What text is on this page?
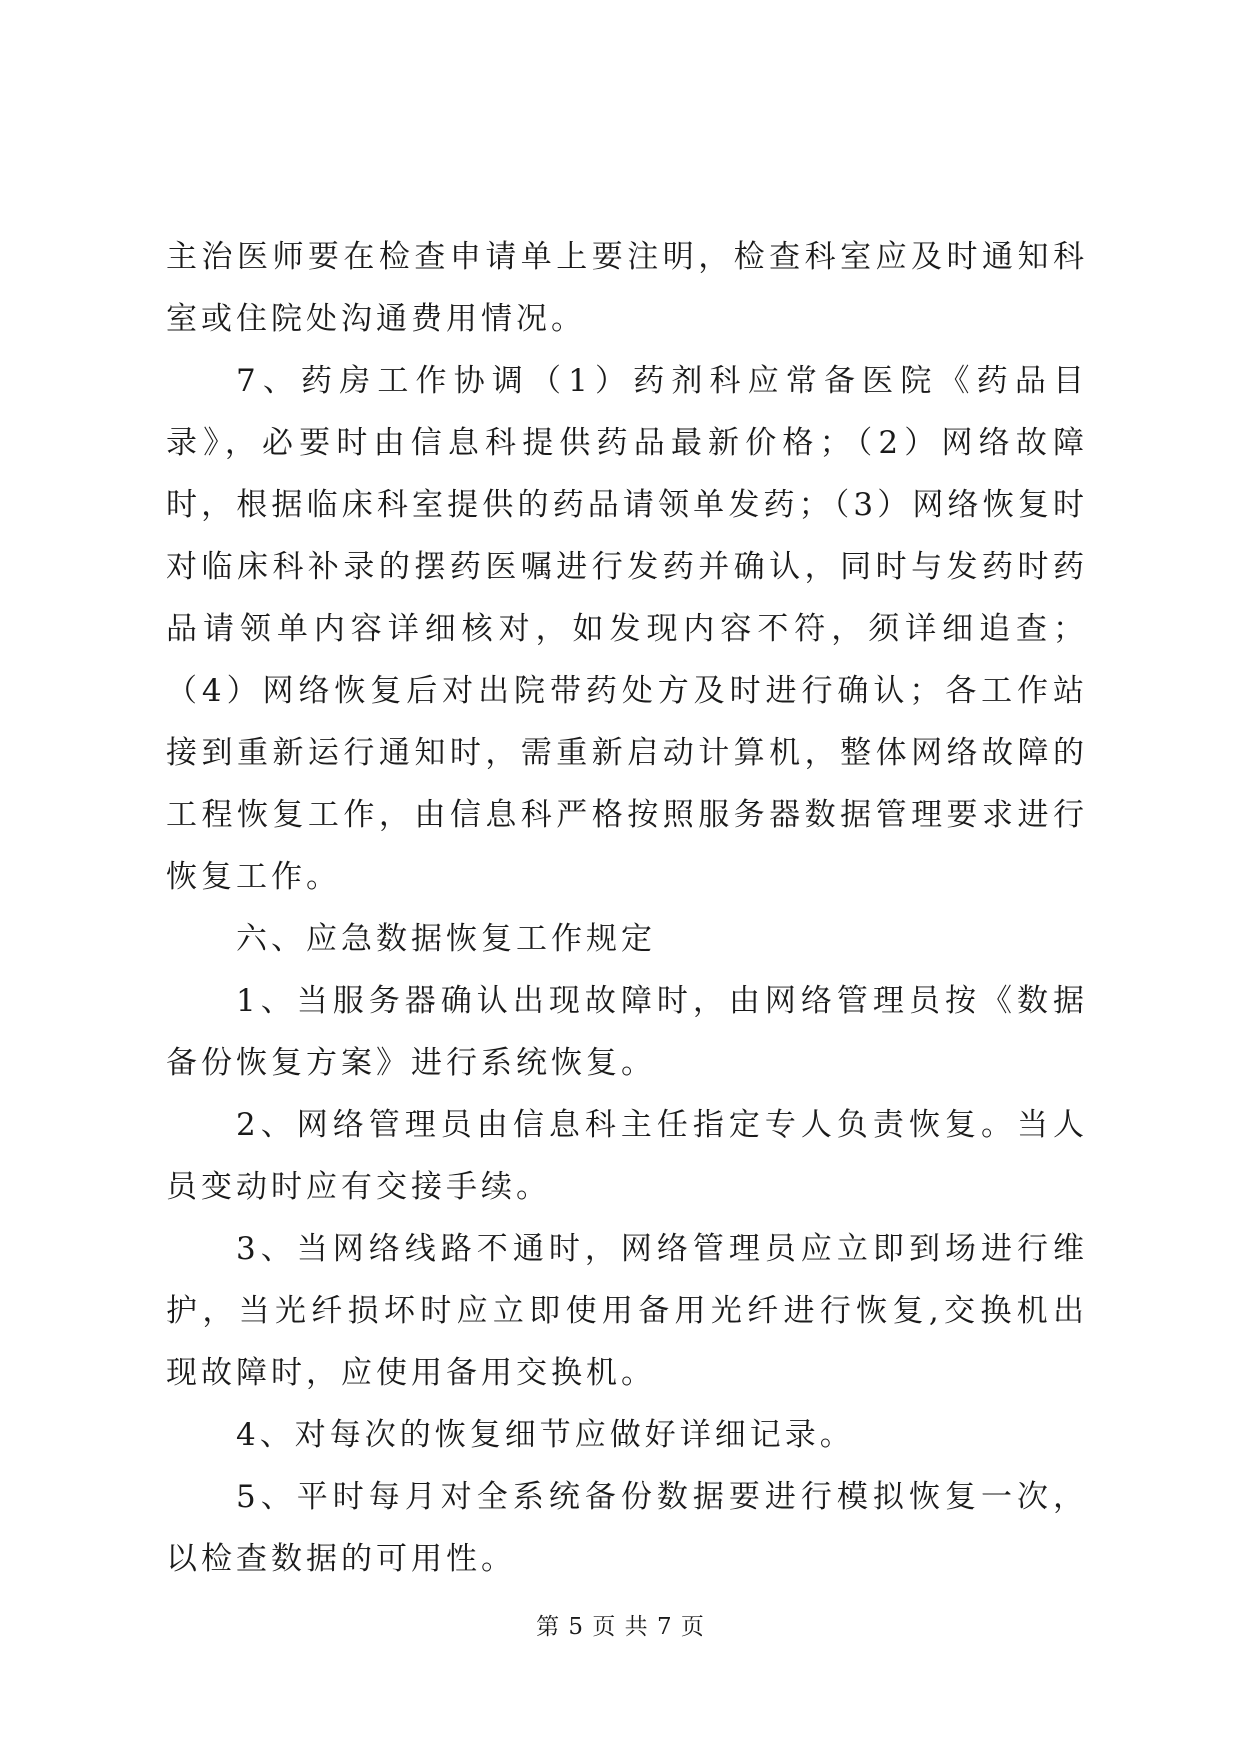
主治医师要在检查申请单上要注明，检查科室应及时通知科室或住院处沟通费用情况。

7、药房工作协调（1）药剂科应常备医院《药品目录》，必要时由信息科提供药品最新价格；（2）网络故障时，根据临床科室提供的药品请领单发药；（3）网络恢复时对临床科补录的摆药医嘱进行发药并确认，同时与发药时药品请领单内容详细核对，如发现内容不符，须详细追查；（4）网络恢复后对出院带药处方及时进行确认；各工作站接到重新运行通知时，需重新启动计算机，整体网络故障的工程恢复工作，由信息科严格按照服务器数据管理要求进行恢复工作。

六、应急数据恢复工作规定

1、当服务器确认出现故障时，由网络管理员按《数据备份恢复方案》进行系统恢复。

2、网络管理员由信息科主任指定专人负责恢复。当人员变动时应有交接手续。

3、当网络线路不通时，网络管理员应立即到场进行维护，当光纤损坏时应立即使用备用光纤进行恢复,交换机出现故障时，应使用备用交换机。

4、对每次的恢复细节应做好详细记录。

5、平时每月对全系统备份数据要进行模拟恢复一次，以检查数据的可用性。

第 5 页 共 7 页
